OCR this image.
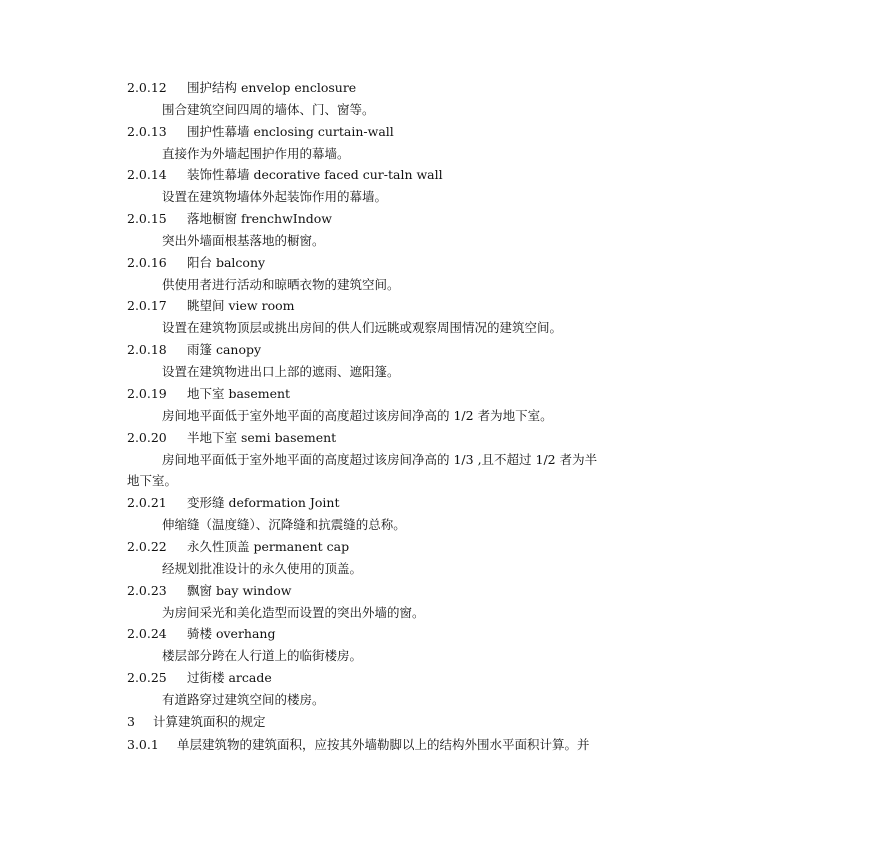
2.0.12 围护结构 envelop enclosure
围合建筑空间四周的墙体、门、窗等。
2.0.13 围护性幕墙 enclosing curtain-wall
直接作为外墙起围护作用的幕墙。
2.0.14 装饰性幕墙 decorative faced cur-taln wall
设置在建筑物墙体外起装饰作用的幕墙。
2.0.15 落地橱窗 frenchwIndow
突出外墙面根基落地的橱窗。
2.0.16 阳台 balcony
供使用者进行活动和晾晒衣物的建筑空间。
2.0.17 眺望间 view room
设置在建筑物顶层或挑出房间的供人们远眺或观察周围情况的建筑空间。
2.0.18 雨篷 canopy
设置在建筑物进出口上部的遮雨、遮阳篷。
2.0.19 地下室 basement
房间地平面低于室外地平面的高度超过该房间净高的 1/2 者为地下室。
2.0.20 半地下室 semi basement
房间地平面低于室外地平面的高度超过该房间净高的 1/3 ,且不超过 1/2 者为半
地下室。
2.0.21 变形缝 deformation Joint
伸缩缝（温度缝）、沉降缝和抗震缝的总称。
2.0.22 永久性顶盖 permanent cap
经规划批准设计的永久使用的顶盖。
2.0.23 飘窗 bay window
为房间采光和美化造型而设置的突出外墙的窗。
2.0.24 骑楼 overhang
楼层部分跨在人行道上的临街楼房。
2.0.25 过街楼 arcade
有道路穿过建筑空间的楼房。
3 计算建筑面积的规定
3.0.1 单层建筑物的建筑面积，应按其外墙勒脚以上的结构外围水平面积计算。并
